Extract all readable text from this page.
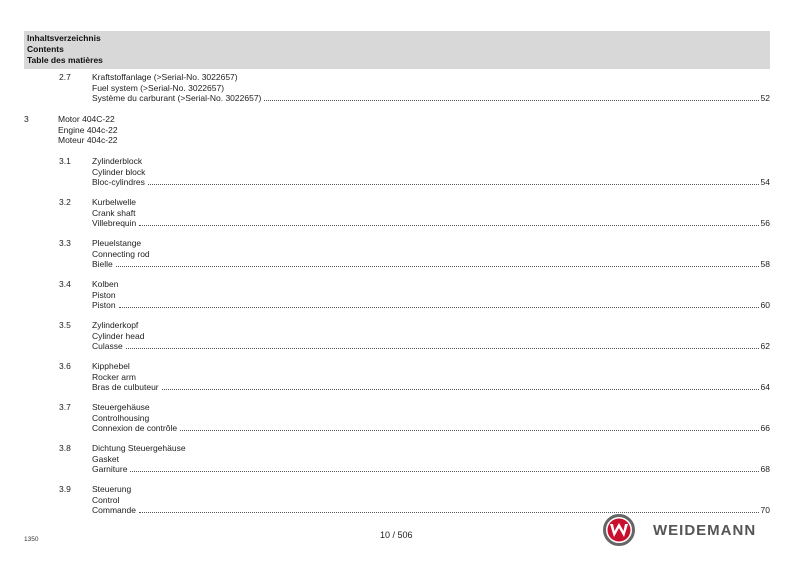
Inhaltsverzeichnis
Contents
Table des matières
2.7 Kraftstoffanlage (>Serial-No. 3022657)
Fuel system (>Serial-No. 3022657)
Système du carburant (>Serial-No. 3022657)	52
3	Motor 404C-22
Engine 404c-22
Moteur 404c-22
3.1 Zylinderblock
Cylinder block
Bloc-cylindres	54
3.2 Kurbelwelle
Crank shaft
Villebrequin	56
3.3 Pleuelstange
Connecting rod
Bielle	58
3.4 Kolben
Piston
Piston	60
3.5 Zylinderkopf
Cylinder head
Culasse	62
3.6 Kipphebel
Rocker arm
Bras de culbuteur	64
3.7 Steuergehäuse
Controlhousing
Connexion de contrôle	66
3.8 Dichtung Steuergehäuse
Gasket
Garniture	68
3.9 Steuerung
Control
Commande	70
1350	10 / 506	WEIDEMANN
